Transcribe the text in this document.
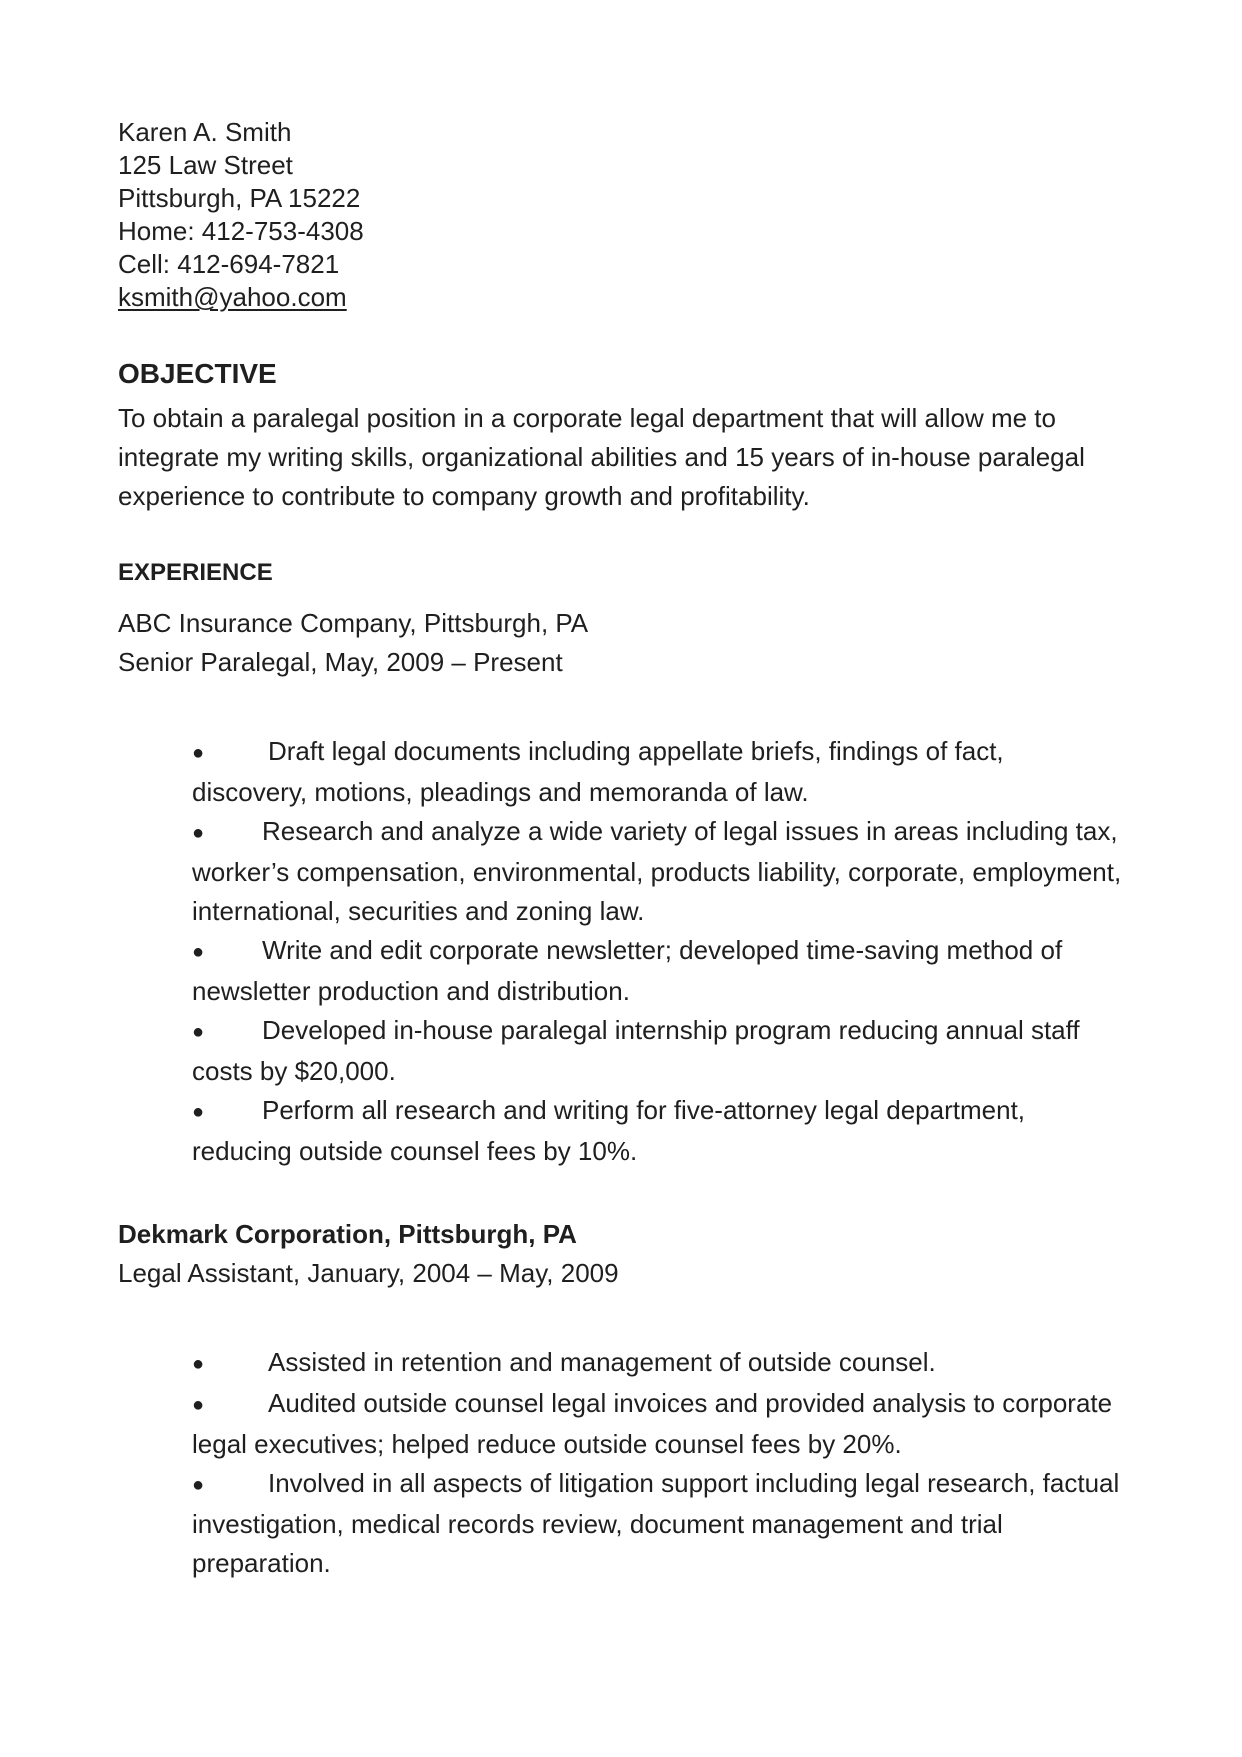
Karen A. Smith

125 Law Street

Pittsburgh, PA 15222

Home: 412-753-4308

Cell: 412-694-7821

ksmith@yahoo.com

OBJECTIVE

To obtain a paralegal position in a corporate legal department that will allow me to integrate my writing skills, organizational abilities and 15 years of in-house paralegal experience to contribute to company growth and profitability.

EXPERIENCE

ABC Insurance Company, Pittsburgh, PA

Senior Paralegal, May, 2009 – Present

● Draft legal documents including appellate briefs, findings of fact, discovery, motions, pleadings and memoranda of law.
● Research and analyze a wide variety of legal issues in areas including tax, worker’s compensation, environmental, products liability, corporate, employment, international, securities and zoning law.
● Write and edit corporate newsletter; developed time-saving method of newsletter production and distribution.
● Developed in-house paralegal internship program reducing annual staff costs by $20,000.
● Perform all research and writing for five-attorney legal department, reducing outside counsel fees by 10%.

Dekmark Corporation, Pittsburgh, PA

Legal Assistant, January, 2004 – May, 2009

● Assisted in retention and management of outside counsel.
● Audited outside counsel legal invoices and provided analysis to corporate legal executives; helped reduce outside counsel fees by 20%.
● Involved in all aspects of litigation support including legal research, factual investigation, medical records review, document management and trial preparation.
